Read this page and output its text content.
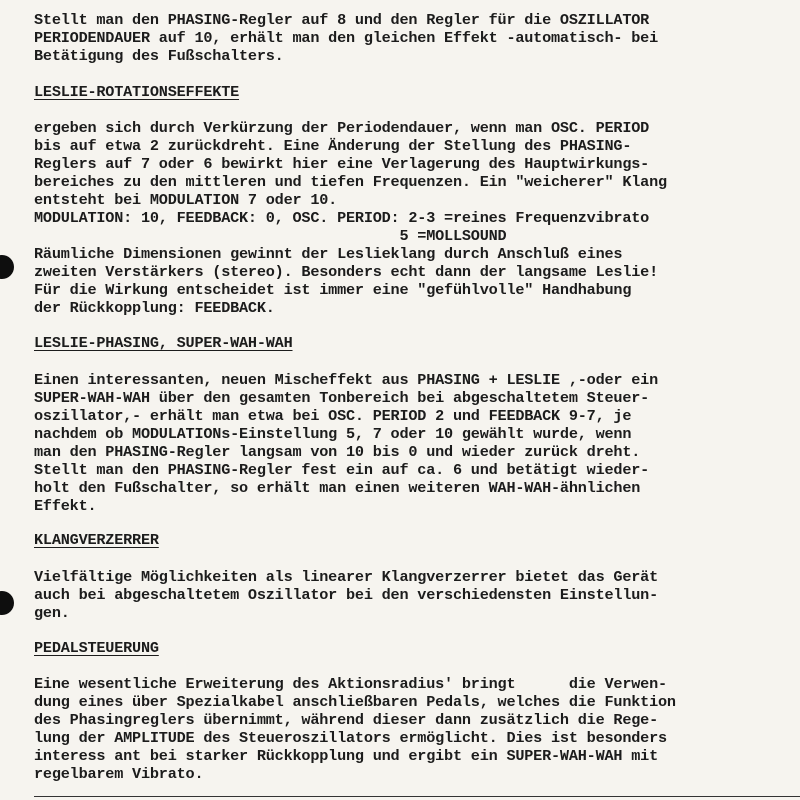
Stellt man den PHASING-Regler auf 8 und den Regler für die OSZILLATOR

PERIODENDAUER auf 10, erhält man den gleichen Effekt -automatisch- bei

Betätigung des Fußschalters.

LESLIE-ROTATIONSEFFEKTE

ergeben sich durch Verkürzung der Periodendauer, wenn man OSC. PERIOD

bis auf etwa 2 zurückdreht. Eine Änderung der Stellung des PHASING-

Reglers auf 7 oder 6 bewirkt hier eine Verlagerung des Hauptwirkungs-

bereiches zu den mittleren und tiefen Frequenzen. Ein "weicherer" Klang

entsteht bei MODULATION 7 oder 10.

MODULATION: 10, FEEDBACK: 0, OSC. PERIOD: 2-3 =reines Frequenzvibrato

5 =MOLLSOUND

Räumliche Dimensionen gewinnt der Leslieklang durch Anschluß eines

zweiten Verstärkers (stereo). Besonders echt dann der langsame Leslie!

Für die Wirkung entscheidet ist immer eine "gefühlvolle" Handhabung

der Rückkopplung: FEEDBACK.

LESLIE-PHASING, SUPER-WAH-WAH

Einen interessanten, neuen Mischeffekt aus PHASING + LESLIE ,-oder ein

SUPER-WAH-WAH über den gesamten Tonbereich bei abgeschaltetem Steuer-

oszillator,- erhält man etwa bei OSC. PERIOD 2 und FEEDBACK 9-7, je

nachdem ob MODULATIONs-Einstellung 5, 7 oder 10 gewählt wurde, wenn

man den PHASING-Regler langsam von 10 bis 0 und wieder zurück dreht.

Stellt man den PHASING-Regler fest ein auf ca. 6 und betätigt wieder-

holt den Fußschalter, so erhält man einen weiteren WAH-WAH-ähnlichen

Effekt.

KLANGVERZERRER

Vielfältige Möglichkeiten als linearer Klangverzerrer bietet das Gerät

auch bei abgeschaltetem Oszillator bei den verschiedensten Einstellun-

gen.

PEDALSTEUERUNG

Eine wesentliche Erweiterung des Aktionsradius' bringt      die Verwen-

dung eines über Spezialkabel anschließbaren Pedals, welches die Funktion

des Phasingreglers übernimmt, während dieser dann zusätzlich die Rege-

lung der AMPLITUDE des Steueroszillators ermöglicht. Dies ist besonders

interess ant bei starker Rückkopplung und ergibt ein SUPER-WAH-WAH mit

regelbarem Vibrato.
